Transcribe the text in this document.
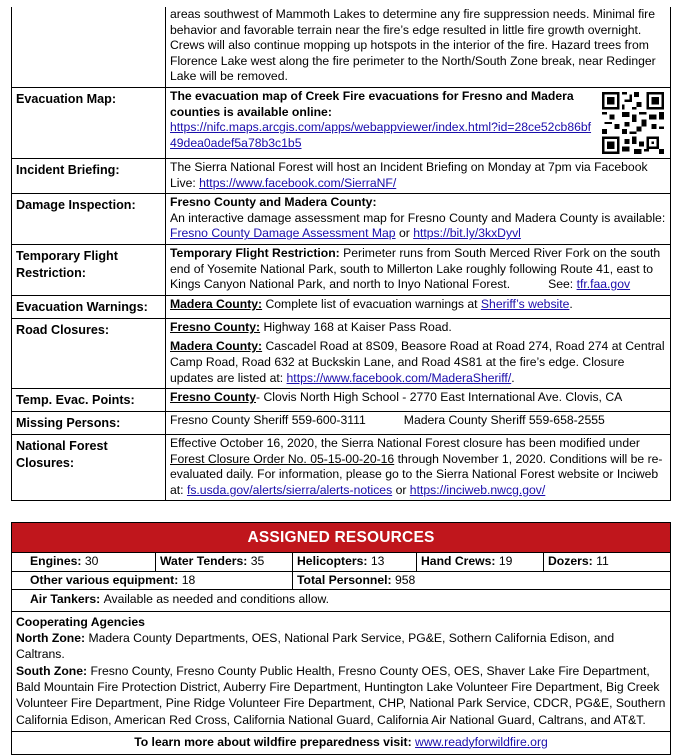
	areas southwest of Mammoth Lakes to determine any fire suppression needs. Minimal fire behavior and favorable terrain near the fire’s edge resulted in little fire growth overnight. Crews will also continue mopping up hotspots in the interior of the fire. Hazard trees from Florence Lake west along the fire perimeter to the North/South Zone break, near Redinger Lake will be removed.
Evacuation Map:	The evacuation map of Creek Fire evacuations for Fresno and Madera counties is available online:
https://nifc.maps.arcgis.com/apps/webappviewer/index.html?id=28ce52cb86bf49dea0adef5a78b3c1b5
Incident Briefing:	The Sierra National Forest will host an Incident Briefing on Monday at 7pm via Facebook Live: https://www.facebook.com/SierraNF/
Damage Inspection:	Fresno County and Madera County:
An interactive damage assessment map for Fresno County and Madera County is available: Fresno County Damage Assessment Map or https://bit.ly/3kxDyvl
Temporary Flight Restriction:	Temporary Flight Restriction: Perimeter runs from South Merced River Fork on the south end of Yosemite National Park, south to Millerton Lake roughly following Route 41, east to Kings Canyon National Park, and north to Inyo National Forest. See: tfr.faa.gov
Evacuation Warnings:	Madera County: Complete list of evacuation warnings at Sheriff’s website.
Road Closures:	Fresno County: Highway 168 at Kaiser Pass Road.
Madera County: Cascadel Road at 8S09, Beasore Road at Road 274, Road 274 at Central Camp Road, Road 632 at Buckskin Lane, and Road 4S81 at the fire’s edge. Closure updates are listed at: https://www.facebook.com/MaderaSheriff/.
Temp. Evac. Points:	Fresno County- Clovis North High School - 2770 East International Ave. Clovis, CA
Missing Persons:	Fresno County Sheriff 559-600-3111 Madera County Sheriff 559-658-2555
National Forest Closures:	Effective October 16, 2020, the Sierra National Forest closure has been modified under Forest Closure Order No. 05-15-00-20-16 through November 1, 2020. Conditions will be re-evaluated daily. For information, please go to the Sierra National Forest website or Inciweb at: fs.usda.gov/alerts/sierra/alerts-notices or https://inciweb.nwcg.gov/
ASSIGNED RESOURCES
Engines: 30	Water Tenders: 35	Helicopters: 13	Hand Crews: 19	Dozers: 11
Other various equipment: 18	Total Personnel: 958
Air Tankers: Available as needed and conditions allow.
Cooperating Agencies
North Zone: Madera County Departments, OES, National Park Service, PG&E, Sothern California Edison, and Caltrans.
South Zone: Fresno County, Fresno County Public Health, Fresno County OES, OES, Shaver Lake Fire Department, Bald Mountain Fire Protection District, Auberry Fire Department, Huntington Lake Volunteer Fire Department, Big Creek Volunteer Fire Department, Pine Ridge Volunteer Fire Department, CHP, National Park Service, CDCR, PG&E, Southern California Edison, American Red Cross, California National Guard, California Air National Guard, Caltrans, and AT&T.
To learn more about wildfire preparedness visit: www.readyforwildfire.org
